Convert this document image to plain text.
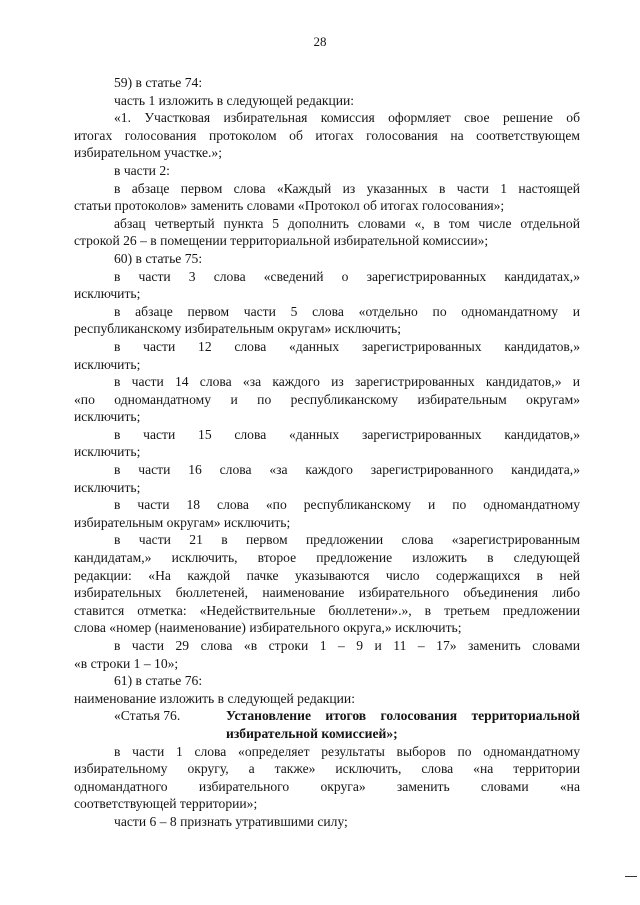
28

59) в статье 74:

часть 1 изложить в следующей редакции:

«1. Участковая избирательная комиссия оформляет свое решение об
итогах голосования протоколом об итогах голосования на соответствующем
избирательном участке.»;

в части 2:

в абзаце первом слова «Каждый из указанных в части 1 настоящей
статьи протоколов» заменить словами «Протокол об итогах голосования»;

абзац четвертый пункта 5 дополнить словами «, в том числе отдельной
строкой 26 – в помещении территориальной избирательной комиссии»;

60) в статье 75:

в части 3 слова «сведений о зарегистрированных кандидатах,»
исключить;

в абзаце первом части 5 слова «отдельно по одномандатному и
республиканскому избирательным округам» исключить;

в части 12 слова «данных зарегистрированных кандидатов,»
исключить;

в части 14 слова «за каждого из зарегистрированных кандидатов,» и
«по одномандатному и по республиканскому избирательным округам»
исключить;

в части 15 слова «данных зарегистрированных кандидатов,»
исключить;

в части 16 слова «за каждого зарегистрированного кандидата,»
исключить;

в части 18 слова «по республиканскому и по одномандатному
избирательным округам» исключить;

в части 21 в первом предложении слова «зарегистрированным
кандидатам,» исключить, второе предложение изложить в следующей
редакции: «На каждой пачке указываются число содержащихся в ней
избирательных бюллетеней, наименование избирательного объединения либо
ставится отметка: «Недействительные бюллетени».», в третьем предложении
слова «номер (наименование) избирательного округа,» исключить;

в части 29 слова «в строки 1 – 9 и 11 – 17» заменить словами
«в строки 1 – 10»;

61) в статье 76:

наименование изложить в следующей редакции:

«Статья 76.	Установление итогов голосования территориальной избирательной комиссией»;

в части 1 слова «определяет результаты выборов по одномандатному
избирательному округу, а также» исключить, слова «на территории
одномандатного избирательного округа» заменить словами «на
соответствующей территории»;

части 6 – 8 признать утратившими силу;
